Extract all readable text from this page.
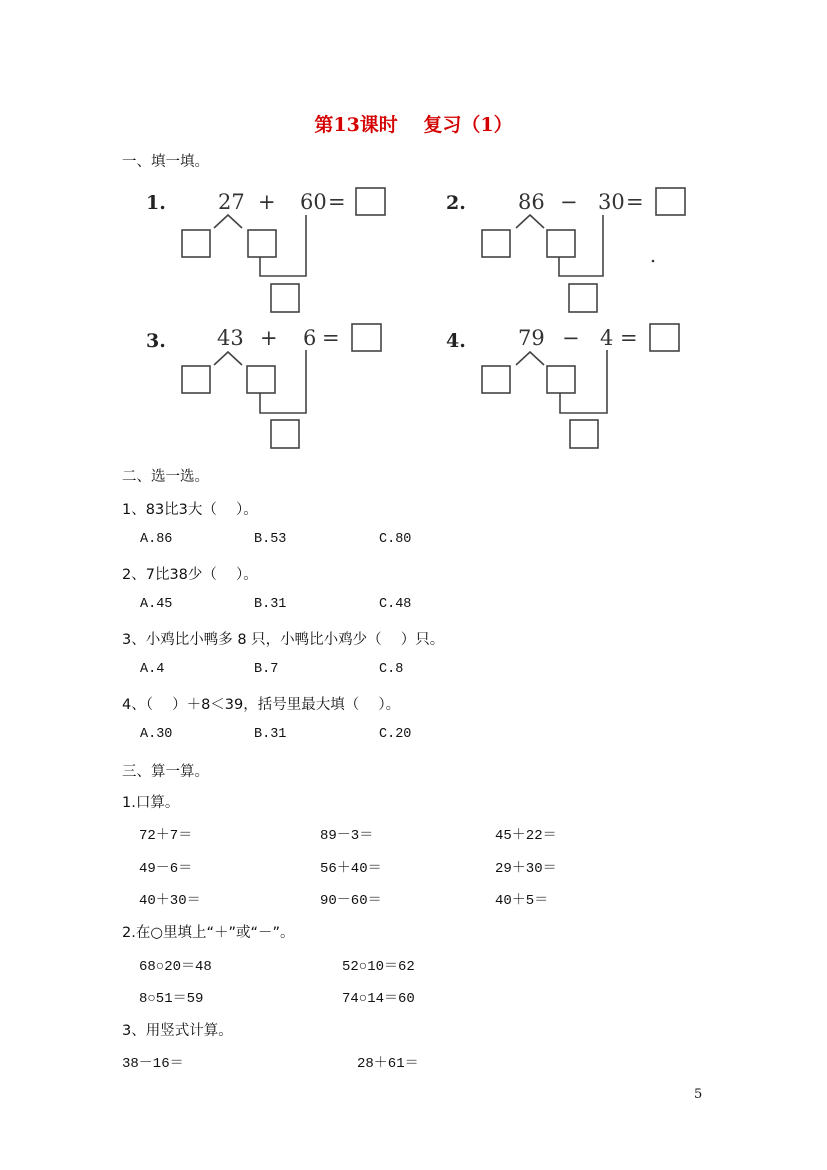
第13课时　 复习（1）
一、填一填。
1. 27 + 60 =	2. 86 − 30 =
3. 43 + 6 =	4. 79 − 4 =
二、选一选。
1、83比3大（　 ）。
A.86	B.53	C.80
2、7比38少（　 ）。
A.45	B.31	C.48
3、小鸡比小鸭多 8 只，小鸭比小鸡少（　 ）只。
A.4	B.7	C.8
4、（　 ）＋8＜39，括号里最大填（　 ）。
A.30	B.31	C.20
三、算一算。
1.口算。
72＋7＝	89－3＝	45＋22＝
49－6＝	56＋40＝	29＋30＝
40＋30＝	90－60＝	40＋5＝
2.在○里填上“＋”或“－”。
68○20＝48	52○10＝62
8○51＝59	74○14＝60
3、用竖式计算。
38－16＝	28＋61＝
5
